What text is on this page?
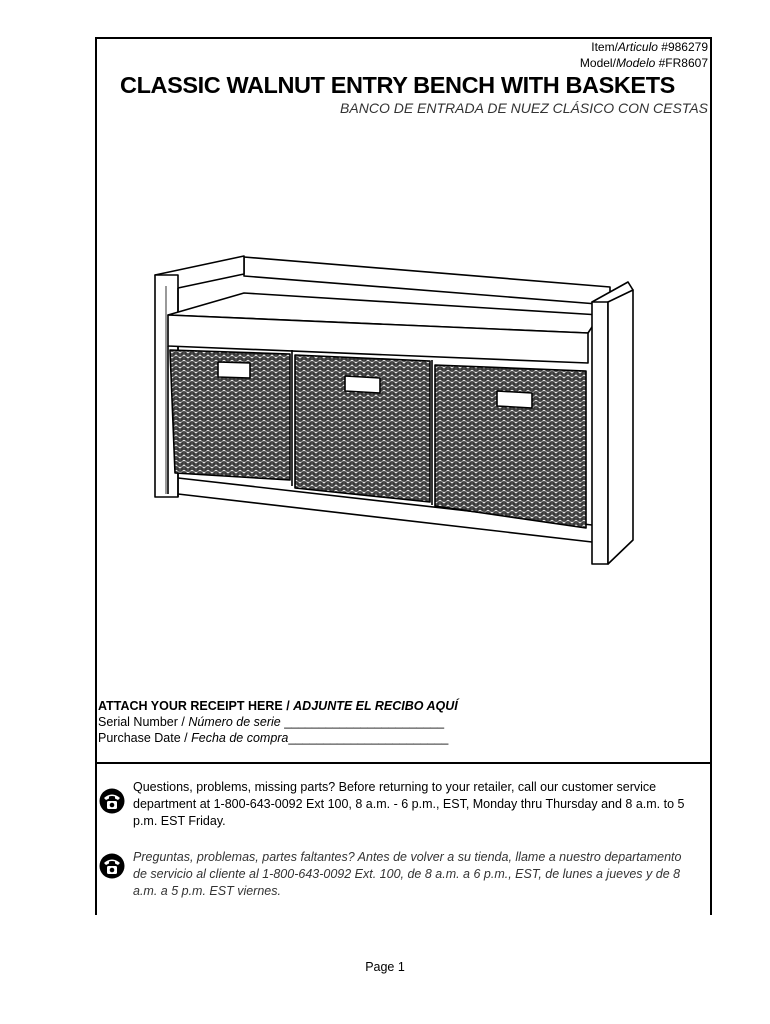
Item/Articulo #986279
Model/Modelo #FR8607
CLASSIC WALNUT ENTRY BENCH WITH BASKETS
BANCO DE ENTRADA DE NUEZ CLÁSICO CON CESTAS
ATTACH YOUR RECEIPT HERE / ADJUNTE EL RECIBO AQUÍ
Serial Number / Número de serie _______________________
Purchase Date / Fecha de compra_______________________
Questions, problems, missing parts? Before returning to your retailer, call our customer service department at 1-800-643-0092 Ext 100, 8 a.m. - 6 p.m., EST, Monday thru Thursday and 8 a.m. to 5 p.m. EST Friday.
Preguntas, problemas, partes faltantes? Antes de volver a su tienda, llame a nuestro departamento de servicio al cliente al 1-800-643-0092 Ext. 100, de 8 a.m. a 6 p.m., EST, de lunes a jueves y de 8 a.m. a 5 p.m. EST viernes.
Page 1
